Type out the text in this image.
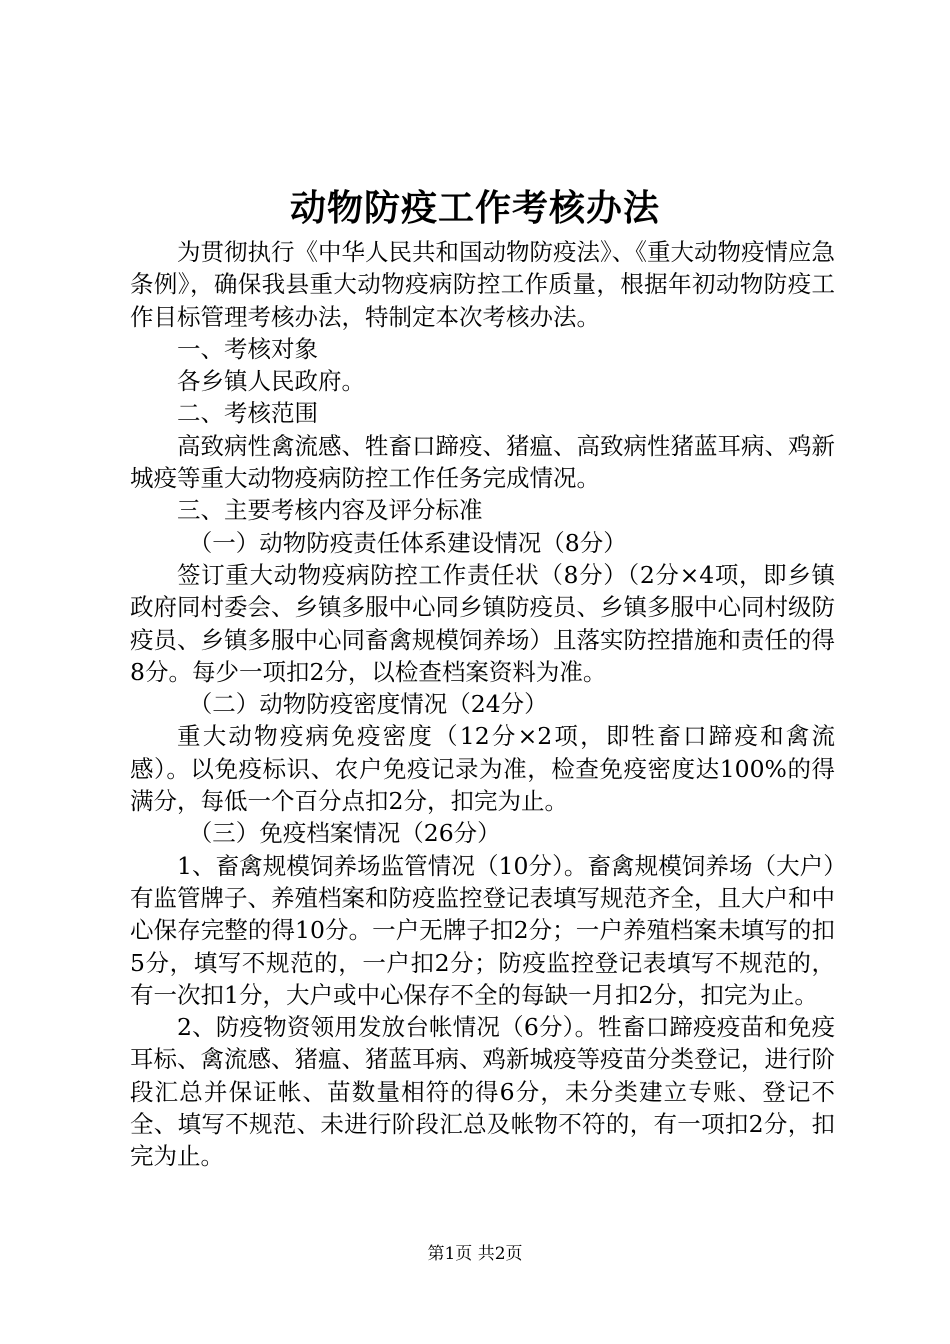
动物防疫工作考核办法

为贯彻执行《中华人民共和国动物防疫法》、《重大动物疫情应急条例》，确保我县重大动物疫病防控工作质量，根据年初动物防疫工作目标管理考核办法，特制定本次考核办法。

一、考核对象

各乡镇人民政府。

二、考核范围

高致病性禽流感、牲畜口蹄疫、猪瘟、高致病性猪蓝耳病、鸡新城疫等重大动物疫病防控工作任务完成情况。

三、主要考核内容及评分标准

（一）动物防疫责任体系建设情况（8分）

签订重大动物疫病防控工作责任状（8分）（2分×4项，即乡镇政府同村委会、乡镇多服中心同乡镇防疫员、乡镇多服中心同村级防疫员、乡镇多服中心同畜禽规模饲养场）且落实防控措施和责任的得8分。每少一项扣2分，以检查档案资料为准。

（二）动物防疫密度情况（24分）

重大动物疫病免疫密度（12分×2项，即牲畜口蹄疫和禽流感）。以免疫标识、农户免疫记录为准，检查免疫密度达100%的得满分，每低一个百分点扣2分，扣完为止。

（三）免疫档案情况（26分）

1、畜禽规模饲养场监管情况（10分）。畜禽规模饲养场（大户）有监管牌子、养殖档案和防疫监控登记表填写规范齐全，且大户和中心保存完整的得10分。一户无牌子扣2分；一户养殖档案未填写的扣5分，填写不规范的，一户扣2分；防疫监控登记表填写不规范的，有一次扣1分，大户或中心保存不全的每缺一月扣2分，扣完为止。

2、防疫物资领用发放台帐情况（6分）。牲畜口蹄疫疫苗和免疫耳标、禽流感、猪瘟、猪蓝耳病、鸡新城疫等疫苗分类登记，进行阶段汇总并保证帐、苗数量相符的得6分，未分类建立专账、登记不全、填写不规范、未进行阶段汇总及帐物不符的，有一项扣2分，扣完为止。

第1页 共2页
